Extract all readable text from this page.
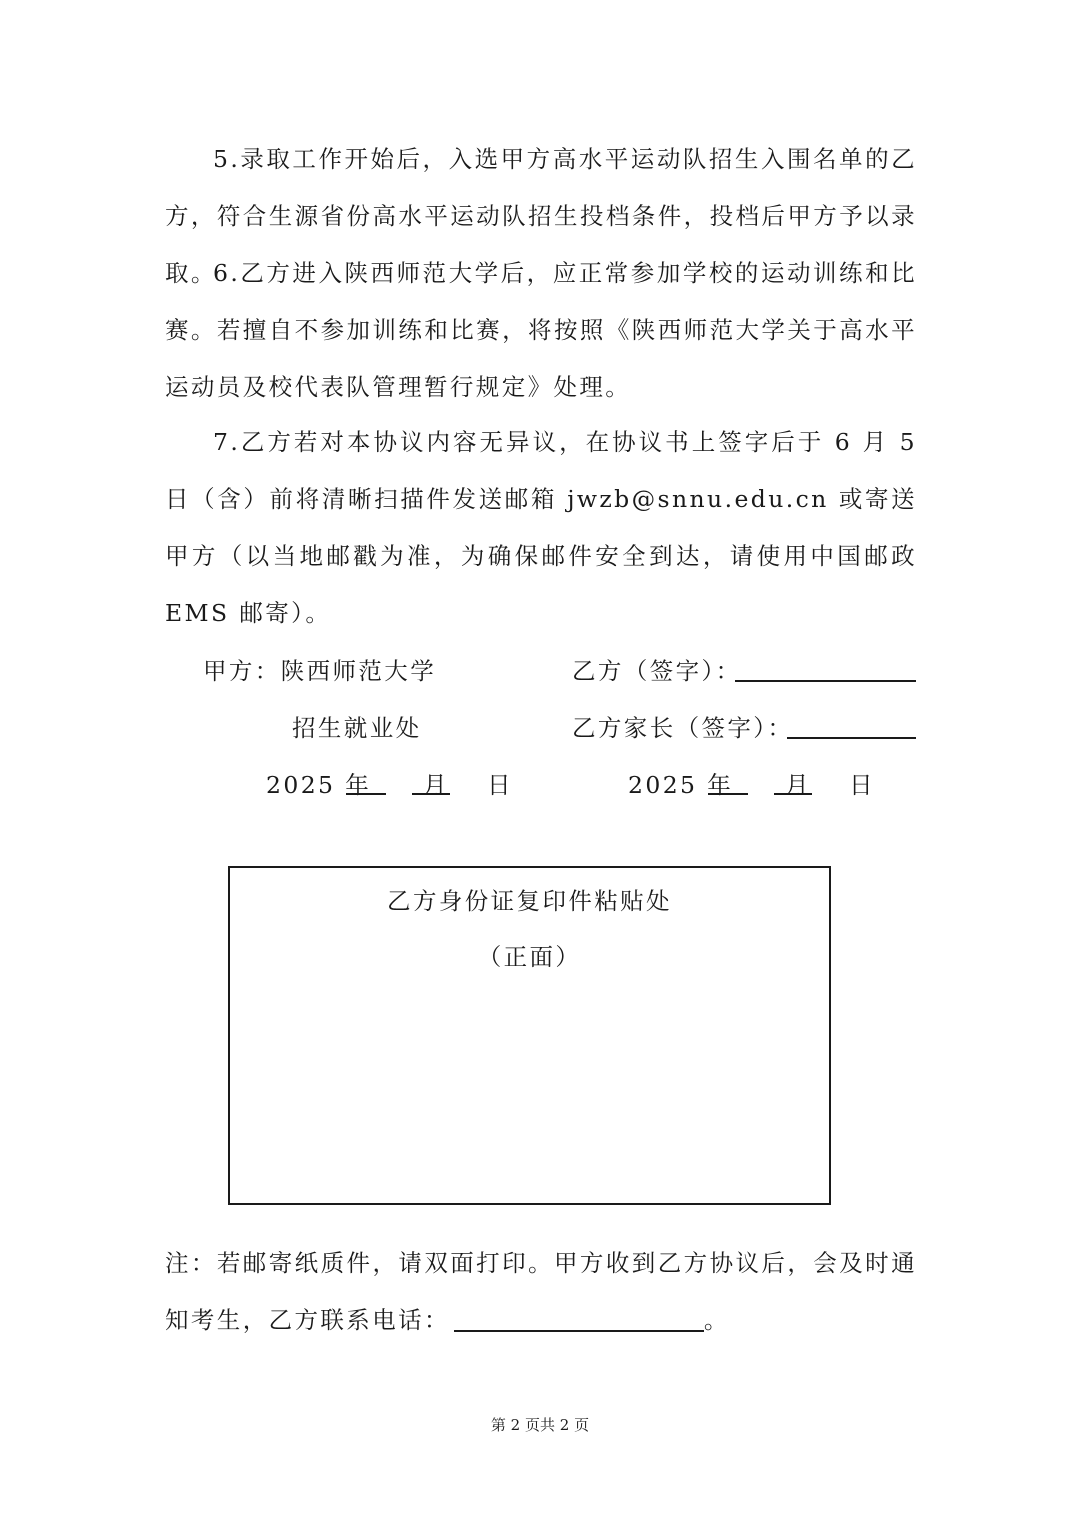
5.录取工作开始后，入选甲方高水平运动队招生入围名单的乙方，符合生源省份高水平运动队招生投档条件，投档后甲方予以录取。

6.乙方进入陕西师范大学后，应正常参加学校的运动训练和比赛。若擅自不参加训练和比赛，将按照《陕西师范大学关于高水平运动员及校代表队管理暂行规定》处理。

7.乙方若对本协议内容无异议，在协议书上签字后于 6 月 5 日（含）前将清晰扫描件发送邮箱 jwzb@snnu.edu.cn 或寄送甲方（以当地邮戳为准，为确保邮件安全到达，请使用中国邮政 EMS 邮寄）。

甲方：陕西师范大学
招生就业处
2025 年 月 日
乙方（签字）：
乙方家长（签字）：
2025 年 月 日
乙方身份证复印件粘贴处
（正面）

注：若邮寄纸质件，请双面打印。甲方收到乙方协议后，会及时通知考生，乙方联系电话：	。

第 2 页共 2 页
